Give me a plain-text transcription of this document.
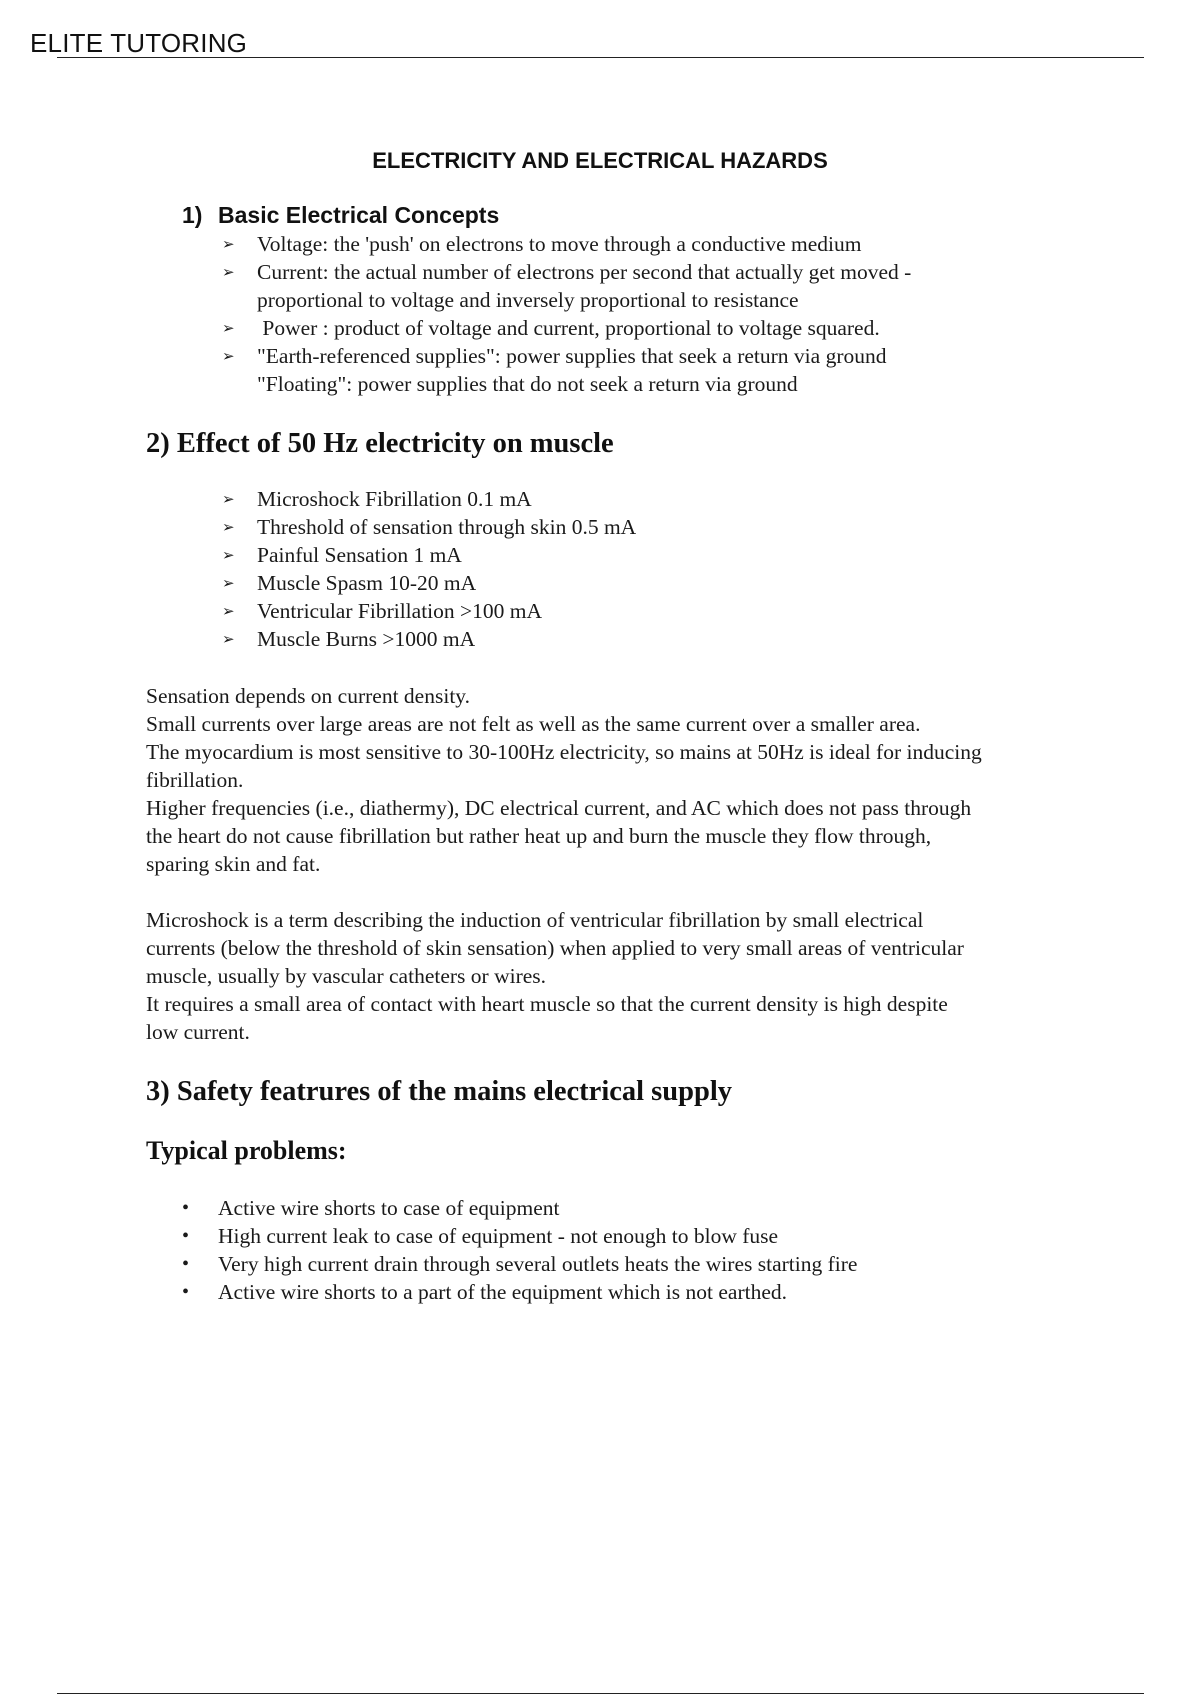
ELITE TUTORING
ELECTRICITY AND ELECTRICAL HAZARDS
1) Basic Electrical Concepts
➢	Voltage: the 'push' on electrons to move through a conductive medium
➢	Current: the actual number of electrons per second that actually get moved -
proportional to voltage and inversely proportional to resistance
➢	Power : product of voltage and current, proportional to voltage squared.
➢	"Earth-referenced supplies": power supplies that seek a return via ground
"Floating": power supplies that do not seek a return via ground
2) Effect of 50 Hz electricity on muscle
➢	Microshock Fibrillation 0.1 mA
➢	Threshold of sensation through skin 0.5 mA
➢	Painful Sensation 1 mA
➢	Muscle Spasm 10-20 mA
➢	Ventricular Fibrillation >100 mA
➢	Muscle Burns >1000 mA

Sensation depends on current density.

Small currents over large areas are not felt as well as the same current over a smaller area.

The myocardium is most sensitive to 30-100Hz electricity, so mains at 50Hz is ideal for inducing

fibrillation.

Higher frequencies (i.e., diathermy), DC electrical current, and AC which does not pass through

the heart do not cause fibrillation but rather heat up and burn the muscle they flow through,

sparing skin and fat.

Microshock is a term describing the induction of ventricular fibrillation by small electrical

currents (below the threshold of skin sensation) when applied to very small areas of ventricular

muscle, usually by vascular catheters or wires.

It requires a small area of contact with heart muscle so that the current density is high despite

low current.

3) Safety featrures of the mains electrical supply
Typical problems:
• Active wire shorts to case of equipment
• High current leak to case of equipment - not enough to blow fuse
• Very high current drain through several outlets heats the wires starting fire
• Active wire shorts to a part of the equipment which is not earthed.
